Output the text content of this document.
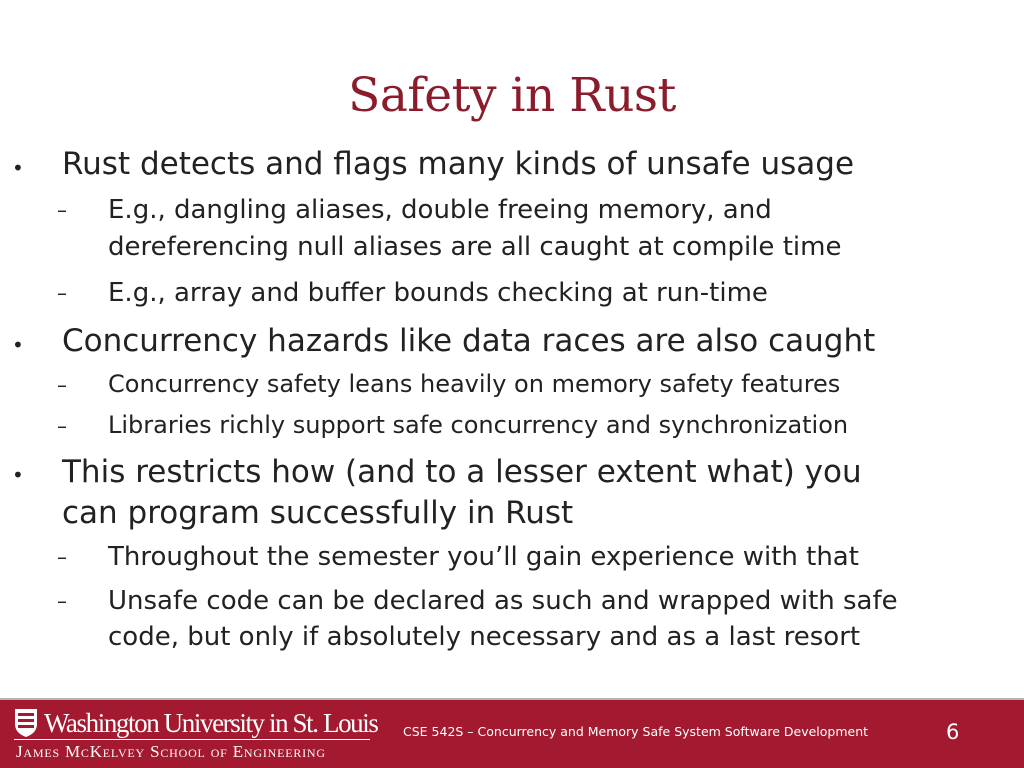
Safety in Rust
• Rust detects and flags many kinds of unsafe usage
– E.g., dangling aliases, double freeing memory, and
dereferencing null aliases are all caught at compile time
– E.g., array and buffer bounds checking at run-time
• Concurrency hazards like data races are also caught
– Concurrency safety leans heavily on memory safety features
– Libraries richly support safe concurrency and synchronization
• This restricts how (and to a lesser extent what) you
can program successfully in Rust
– Throughout the semester you’ll gain experience with that
– Unsafe code can be declared as such and wrapped with safe
code, but only if absolutely necessary and as a last resort
Washington University in St. Louis
James McKelvey School of Engineering
CSE 542S – Concurrency and Memory Safe System Software Development	6
